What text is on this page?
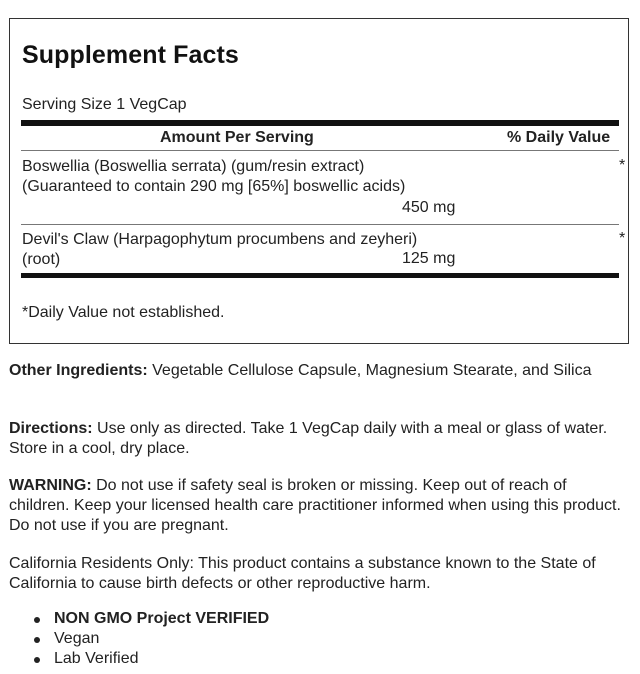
Supplement Facts
Serving Size 1 VegCap
Amount Per Serving	% Daily Value
Boswellia (Boswellia serrata) (gum/resin extract)
(Guaranteed to contain 290 mg [65%] boswellic acids)
*
450 mg
Devil's Claw (Harpagophytum procumbens and zeyheri)
(root)
*
125 mg
*Daily Value not established.
Other Ingredients: Vegetable Cellulose Capsule, Magnesium Stearate, and Silica
Directions: Use only as directed. Take 1 VegCap daily with a meal or glass of water. Store in a cool, dry place.
WARNING: Do not use if safety seal is broken or missing. Keep out of reach of children. Keep your licensed health care practitioner informed when using this product. Do not use if you are pregnant.
California Residents Only: This product contains a substance known to the State of California to cause birth defects or other reproductive harm.
NON GMO Project VERIFIED
Vegan
Lab Verified
